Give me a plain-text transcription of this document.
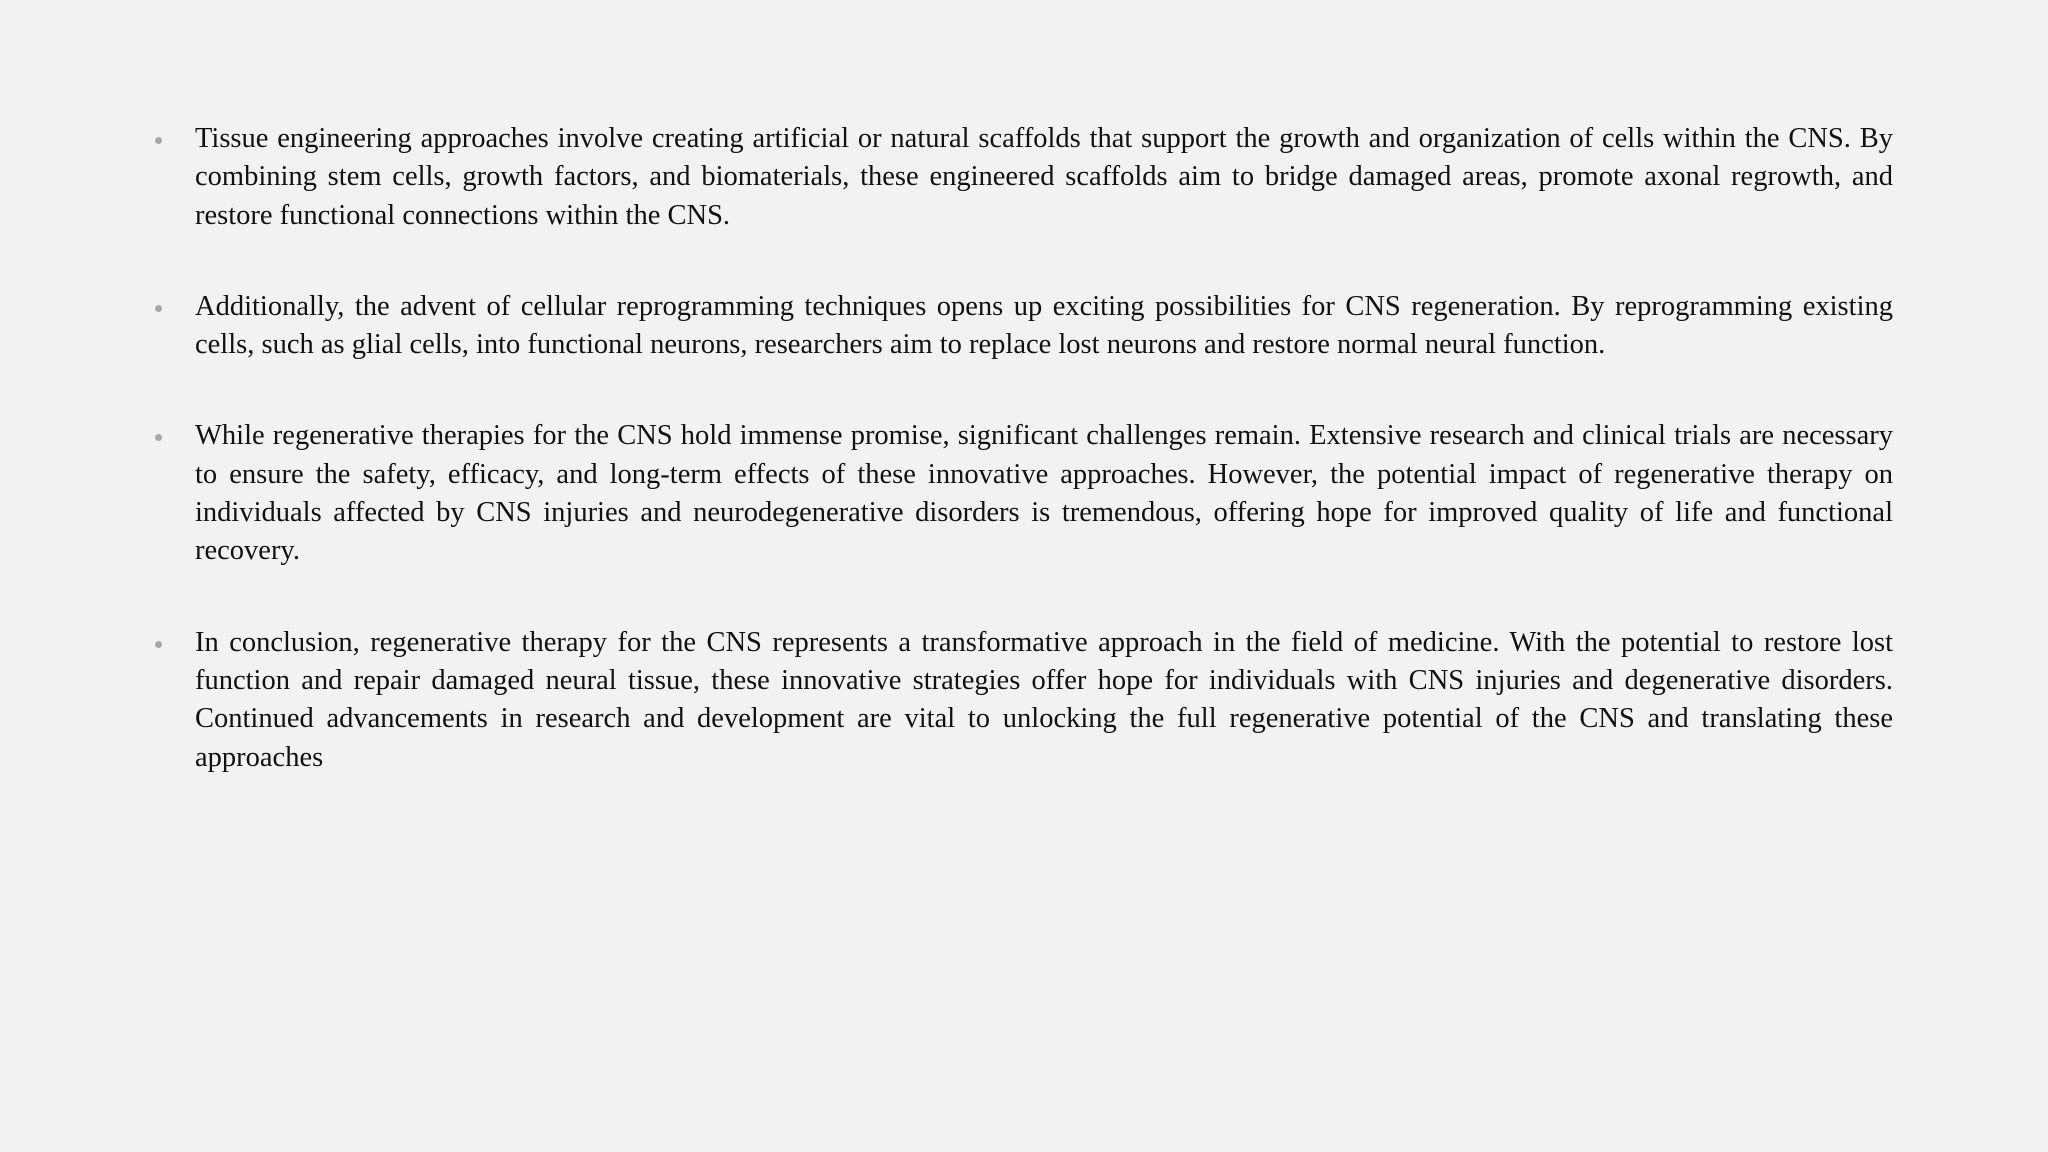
Tissue engineering approaches involve creating artificial or natural scaffolds that support the growth and organization of cells within the CNS. By combining stem cells, growth factors, and biomaterials, these engineered scaffolds aim to bridge damaged areas, promote axonal regrowth, and restore functional connections within the CNS.
Additionally, the advent of cellular reprogramming techniques opens up exciting possibilities for CNS regeneration. By reprogramming existing cells, such as glial cells, into functional neurons, researchers aim to replace lost neurons and restore normal neural function.
While regenerative therapies for the CNS hold immense promise, significant challenges remain. Extensive research and clinical trials are necessary to ensure the safety, efficacy, and long-term effects of these innovative approaches. However, the potential impact of regenerative therapy on individuals affected by CNS injuries and neurodegenerative disorders is tremendous, offering hope for improved quality of life and functional recovery.
In conclusion, regenerative therapy for the CNS represents a transformative approach in the field of medicine. With the potential to restore lost function and repair damaged neural tissue, these innovative strategies offer hope for individuals with CNS injuries and degenerative disorders. Continued advancements in research and development are vital to unlocking the full regenerative potential of the CNS and translating these approaches
